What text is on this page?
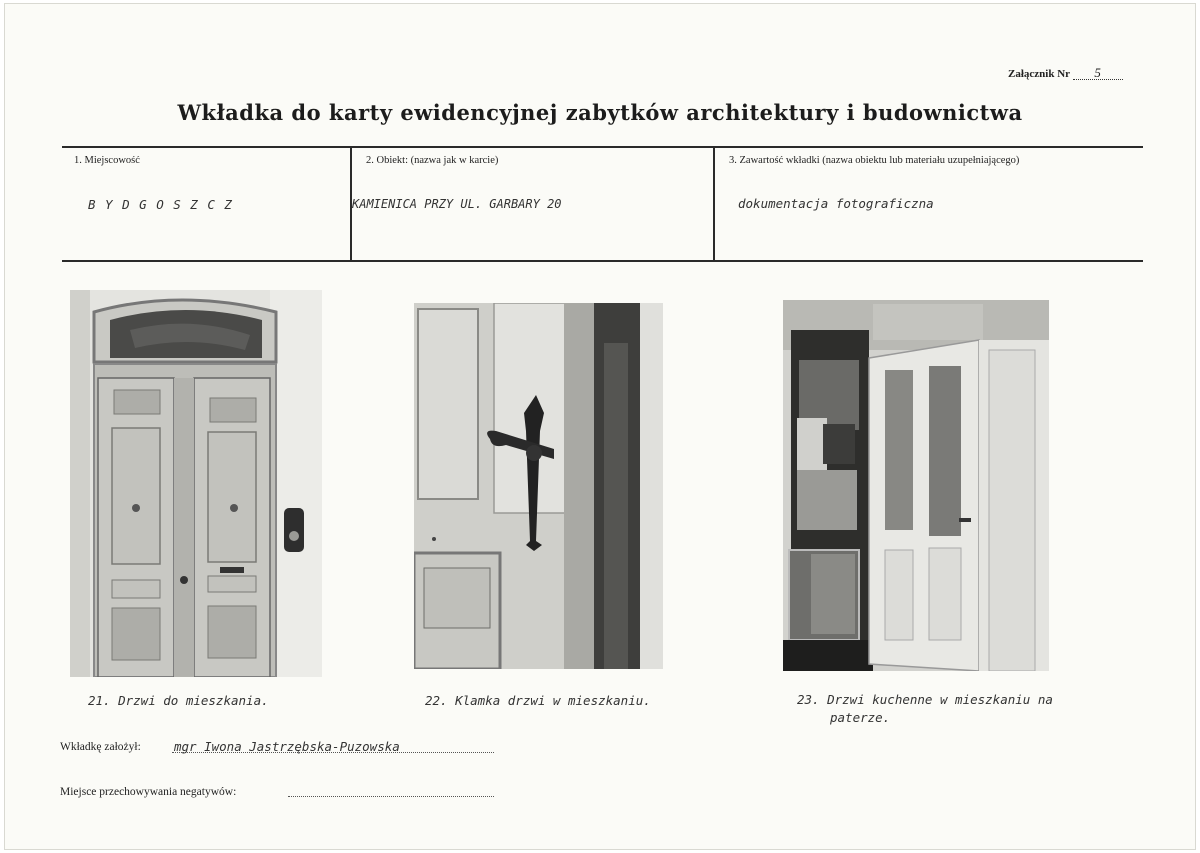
Załącznik Nr 5
Wkładka do karty ewidencyjnej zabytków architektury i budownictwa
1. Miejscowość
B Y D G O S Z C Z
2. Obiekt: (nazwa jak w karcie)
KAMIENICA PRZY UL. GARBARY 20
3. Zawartość wkładki (nazwa obiektu lub materiału uzupełniającego)
dokumentacja fotograficzna
21. Drzwi do mieszkania.	22. Klamka drzwi w mieszkaniu.	23. Drzwi kuchenne w mieszkaniu na
paterze.
Wkładkę założył:	mgr Iwona Jastrzębska-Puzowska
Miejsce przechowywania negatywów:
